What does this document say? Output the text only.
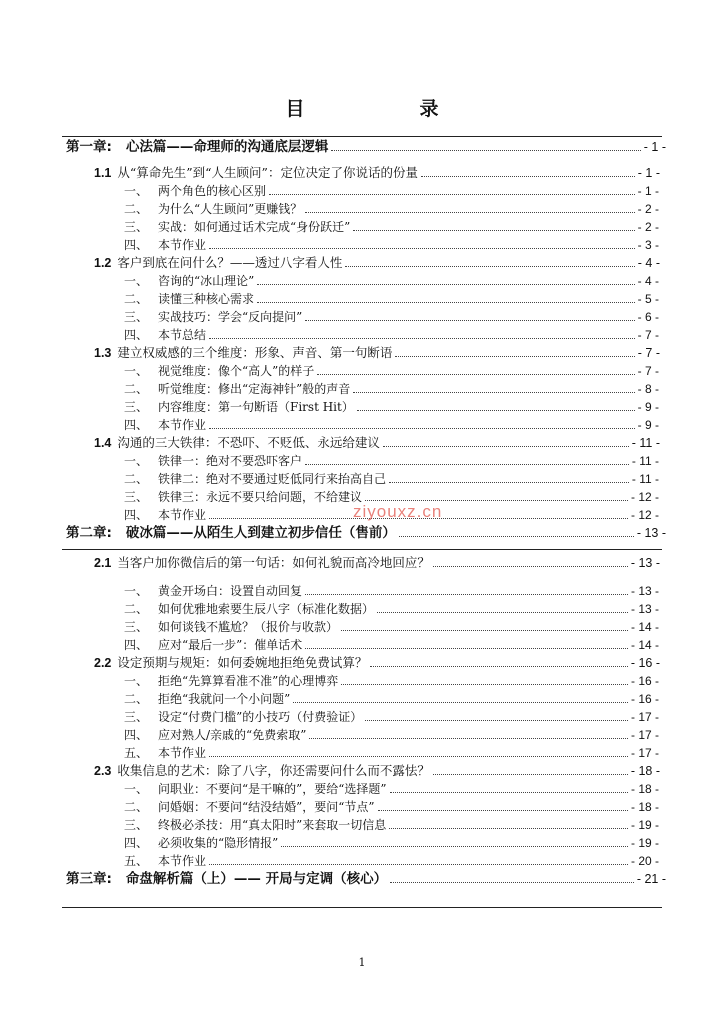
目　录
第一章: 心法篇——命理师的沟通底层逻辑	- 1 -
1.1 从“算命先生”到“人生顾问”：定位决定了你说话的份量	- 1 -
一、 两个角色的核心区别	- 1 -
二、 为什么“人生顾问”更赚钱？	- 2 -
三、 实战：如何通过话术完成“身份跃迁”	- 2 -
四、 本节作业	- 3 -
1.2 客户到底在问什么？——透过八字看人性	- 4 -
一、 咨询的“冰山理论”	- 4 -
二、 读懂三种核心需求	- 5 -
三、 实战技巧：学会“反向提问”	- 6 -
四、 本节总结	- 7 -
1.3 建立权威感的三个维度：形象、声音、第一句断语	- 7 -
一、 视觉维度：像个“高人”的样子	- 7 -
二、 听觉维度：修出“定海神针”般的声音	- 8 -
三、 内容维度：第一句断语（First Hit）	- 9 -
四、 本节作业	- 9 -
1.4 沟通的三大铁律：不恐吓、不贬低、永远给建议	- 11 -
一、 铁律一：绝对不要恐吓客户	- 11 -
二、 铁律二：绝对不要通过贬低同行来抬高自己	- 11 -
三、 铁律三：永远不要只给问题，不给建议	- 12 -
四、 本节作业	- 12 -
第二章: 破冰篇——从陌生人到建立初步信任（售前）	- 13 -
2.1 当客户加你微信后的第一句话：如何礼貌而高冷地回应？	- 13 -
一、 黄金开场白：设置自动回复	- 13 -
二、 如何优雅地索要生辰八字（标准化数据）	- 13 -
三、 如何谈钱不尴尬？（报价与收款）	- 14 -
四、 应对“最后一步”：催单话术	- 14 -
2.2 设定预期与规矩：如何委婉地拒绝免费试算？	- 16 -
一、 拒绝“先算算看准不准”的心理博弈	- 16 -
二、 拒绝“我就问一个小问题”	- 16 -
三、 设定“付费门槛”的小技巧（付费验证）	- 17 -
四、 应对熟人/亲戚的“免费索取”	- 17 -
五、 本节作业	- 17 -
2.3 收集信息的艺术：除了八字，你还需要问什么而不露怯？	- 18 -
一、 问职业：不要问“是干嘛的”，要给“选择题”	- 18 -
二、 问婚姻：不要问“结没结婚”，要问“节点”	- 18 -
三、 终极必杀技：用“真太阳时”来套取一切信息	- 19 -
四、 必须收集的“隐形情报”	- 19 -
五、 本节作业	- 20 -
第三章: 命盘解析篇（上）—— 开局与定调（核心）	- 21 -
ziyouxz.cn
1
